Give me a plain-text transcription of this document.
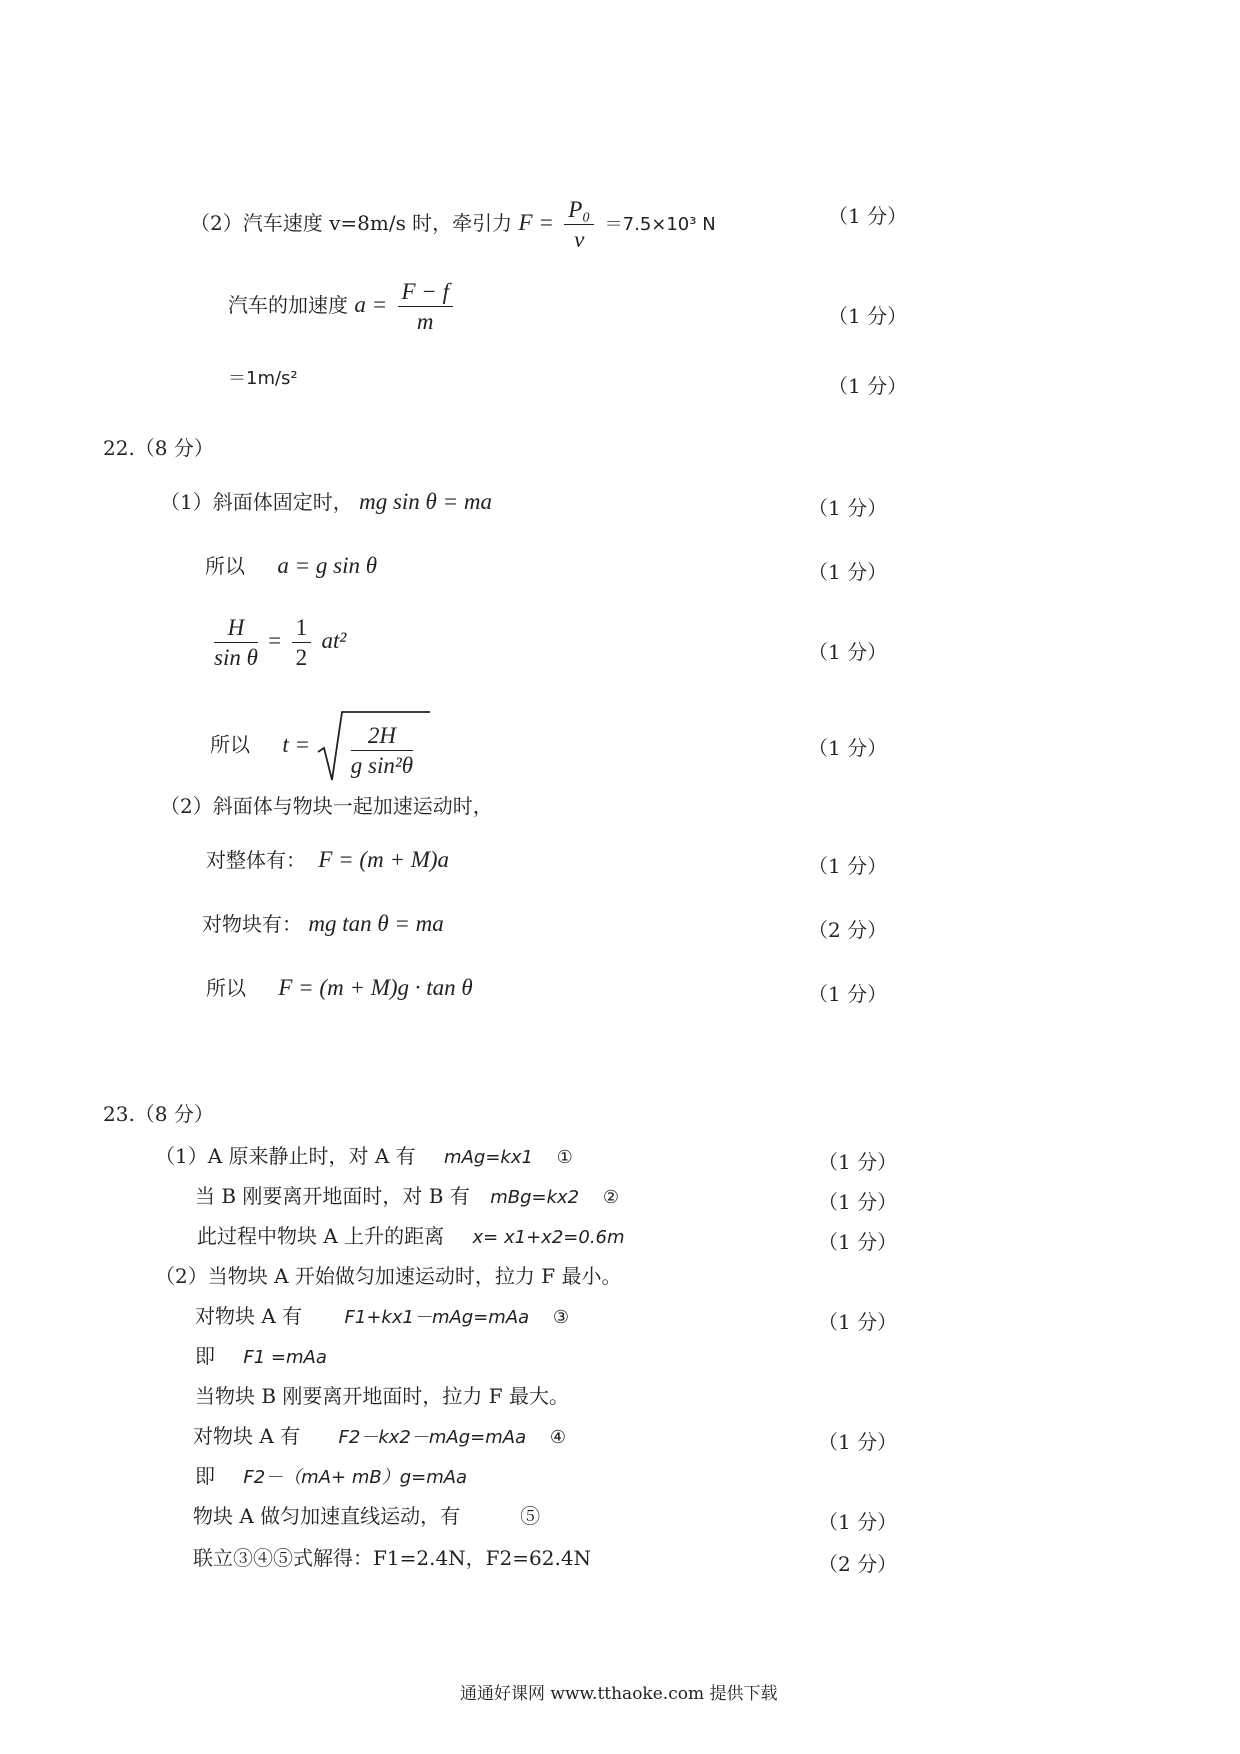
（2）汽车速度 v=8m/s 时，牵引力 $F = \frac{\text{P₀}}{v} =7.5\times 10^3$ N	（1 分）
汽车的加速度 $a = \frac{F - f}{m}$	（1 分）
＝1m/s²	（1 分）
22.（8 分）
（1）斜面体固定时， mg sin θ = ma	（1 分）
所以 a = g sin θ	（1 分）
$\frac{H}{\text{sin θ}} = \frac{1}{2} at^2$	（1 分）
所以 $t = \frac{2H}{\text{g sin²θ}}$	（1 分）
（2）斜面体与物块一起加速运动时，
对整体有： F = (m + M)a	（1 分）
对物块有： mg tan θ = ma	（2 分）
所以 F = (m + M)g · tan θ	（1 分）
23.（8 分）
（1）A 原来静止时，对 A 有 mAg=kx1　 ①	（1 分）
当 B 刚要离开地面时，对 B 有 mBg=kx2　 ②	（1 分）
此过程中物块 A 上升的距离 x= x1+x2=0.6m	（1 分）
（2）当物块 A 开始做匀加速运动时，拉力 F 最小。
对物块 A 有 F1+kx1－mAg=mAa　 ③	（1 分）
即 F1 =mAa
当物块 B 刚要离开地面时，拉力 F 最大。
对物块 A 有 F2－kx2－mAg=mAa　 ④	（1 分）
即 F2－（mA+ mB）g=mAa
物块 A 做匀加速直线运动，有　　　⑤	（1 分）
联立③④⑤式解得：F1=2.4N，F2=62.4N	（2 分）
通通好课网 www.tthaoke.com 提供下载
